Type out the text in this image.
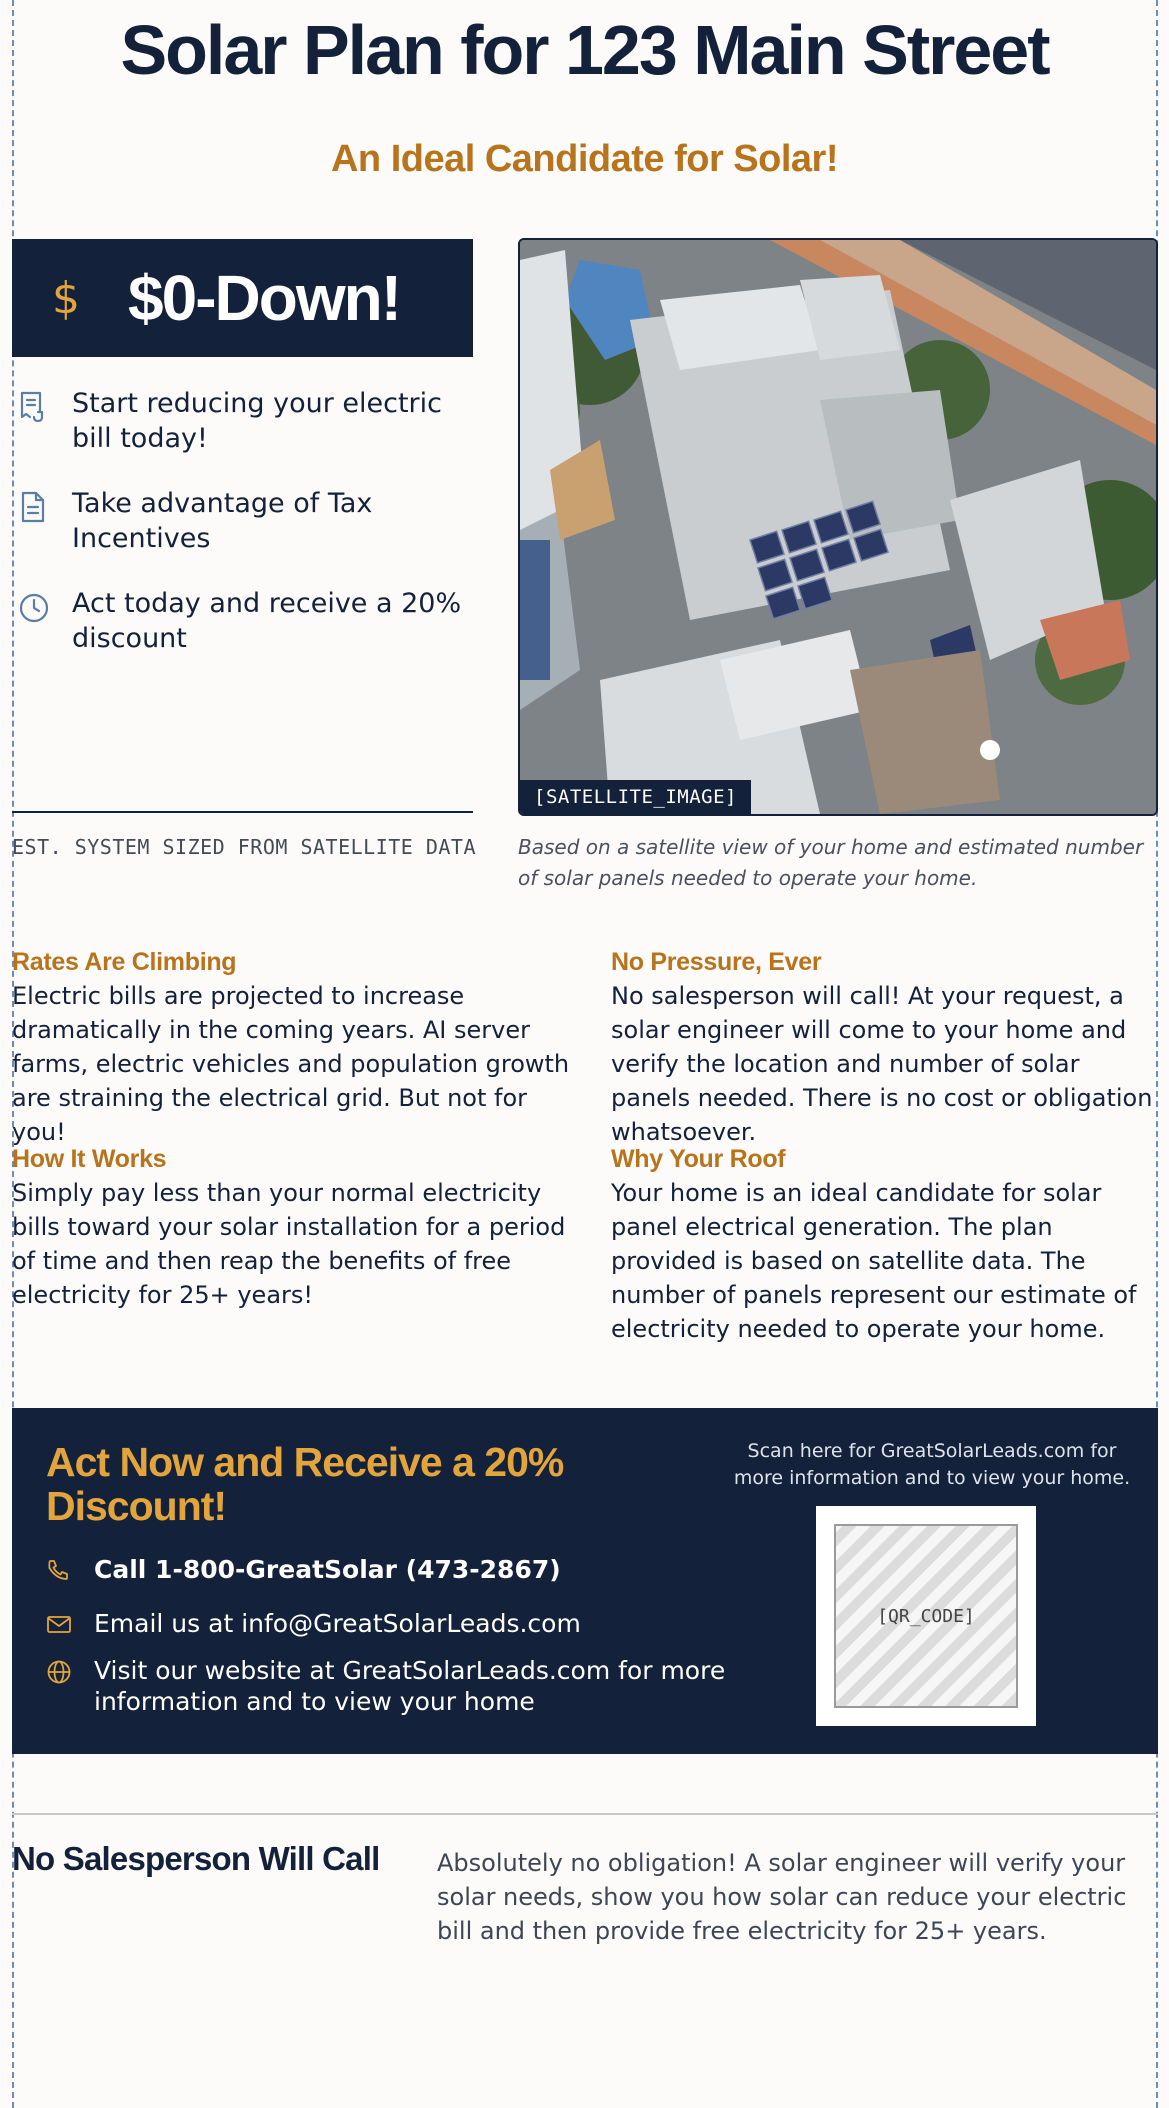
Solar Plan for 123 Main Street
An Ideal Candidate for Solar!
$ $0-Down!
Start reducing your electric bill today!
Take advantage of Tax Incentives
Act today and receive a 20% discount
EST. SYSTEM SIZED FROM SATELLITE DATA
[SATELLITE_IMAGE]
Based on a satellite view of your home and estimated number of solar panels needed to operate your home.
Rates Are Climbing

Electric bills are projected to increase dramatically in the coming years. AI server farms, electric vehicles and population growth are straining the electrical grid. But not for you!

No Pressure, Ever

No salesperson will call! At your request, a solar engineer will come to your home and verify the location and number of solar panels needed. There is no cost or obligation whatsoever.

How It Works

Simply pay less than your normal electricity bills toward your solar installation for a period of time and then reap the benefits of free electricity for 25+ years!

Why Your Roof

Your home is an ideal candidate for solar panel electrical generation. The plan provided is based on satellite data. The number of panels represent our estimate of electricity needed to operate your home.

Act Now and Receive a 20% Discount!
Call 1-800-GreatSolar (473-2867)
Email us at info@GreatSolarLeads.com
Visit our website at GreatSolarLeads.com for more information and to view your home
Scan here for GreatSolarLeads.com for more information and to view your home.
[QR_CODE]
No Salesperson Will Call	Absolutely no obligation! A solar engineer will verify your solar needs, show you how solar can reduce your electric bill and then provide free electricity for 25+ years.
